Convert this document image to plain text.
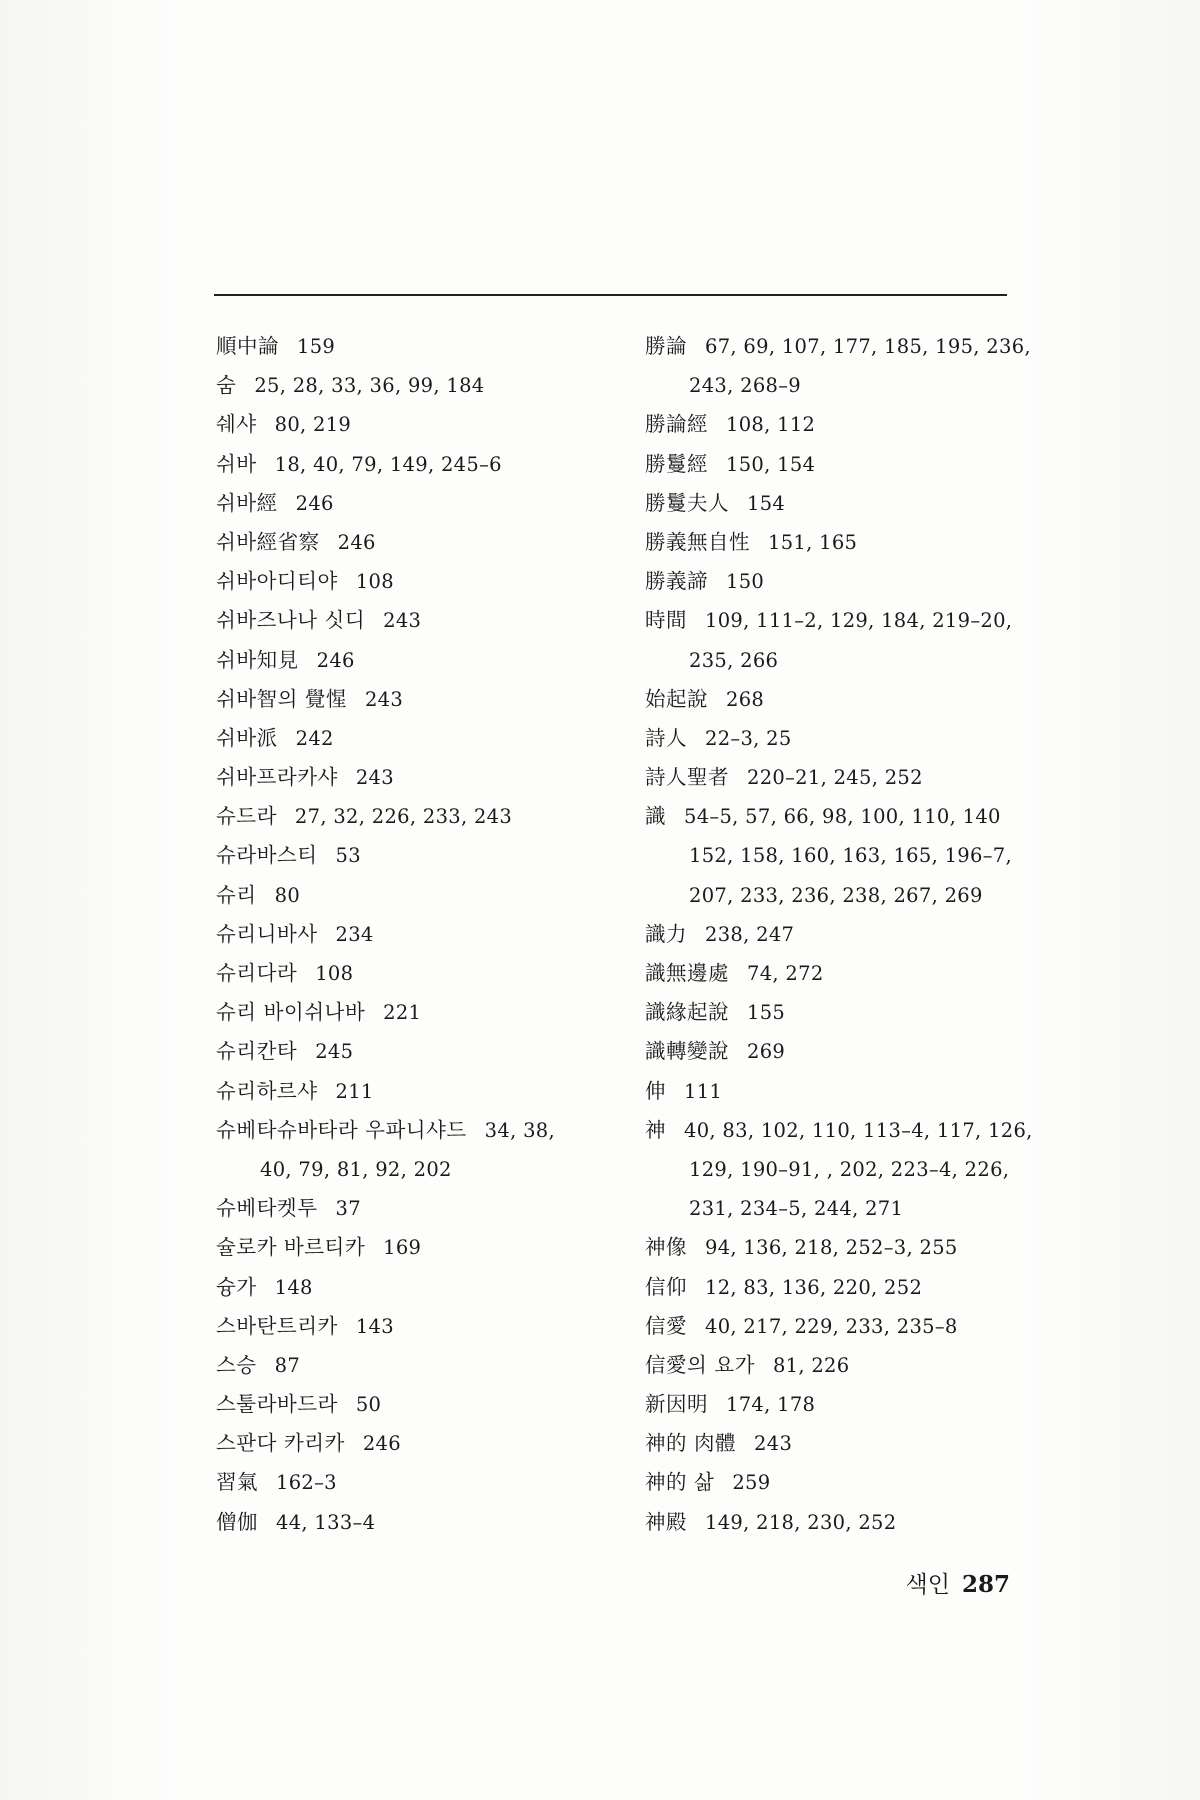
順中論 159
숨 25, 28, 33, 36, 99, 184
쉐샤 80, 219
쉬바 18, 40, 79, 149, 245–6
쉬바經 246
쉬바經省察 246
쉬바아디티야 108
쉬바즈나나 싯디 243
쉬바知見 246
쉬바智의 覺惺 243
쉬바派 242
쉬바프라카샤 243
슈드라 27, 32, 226, 233, 243
슈라바스티 53
슈리 80
슈리니바사 234
슈리다라 108
슈리 바이쉬나바 221
슈리칸타 245
슈리하르샤 211
슈베타슈바타라 우파니샤드 34, 38,
40, 79, 81, 92, 202
슈베타켓투 37
슐로카 바르티카 169
슝가 148
스바탄트리카 143
스승 87
스툴라바드라 50
스판다 카리카 246
習氣 162–3
僧伽 44, 133–4
勝論 67, 69, 107, 177, 185, 195, 236,
243, 268–9
勝論經 108, 112
勝鬘經 150, 154
勝鬘夫人 154
勝義無自性 151, 165
勝義諦 150
時間 109, 111–2, 129, 184, 219–20,
235, 266
始起說 268
詩人 22–3, 25
詩人聖者 220–21, 245, 252
識 54–5, 57, 66, 98, 100, 110, 140
152, 158, 160, 163, 165, 196–7,
207, 233, 236, 238, 267, 269
識力 238, 247
識無邊處 74, 272
識緣起說 155
識轉變說 269
伸 111
神 40, 83, 102, 110, 113–4, 117, 126,
129, 190–91, , 202, 223–4, 226,
231, 234–5, 244, 271
神像 94, 136, 218, 252–3, 255
信仰 12, 83, 136, 220, 252
信愛 40, 217, 229, 233, 235–8
信愛의 요가 81, 226
新因明 174, 178
神的 肉體 243
神的 삶 259
神殿 149, 218, 230, 252
색인 287
